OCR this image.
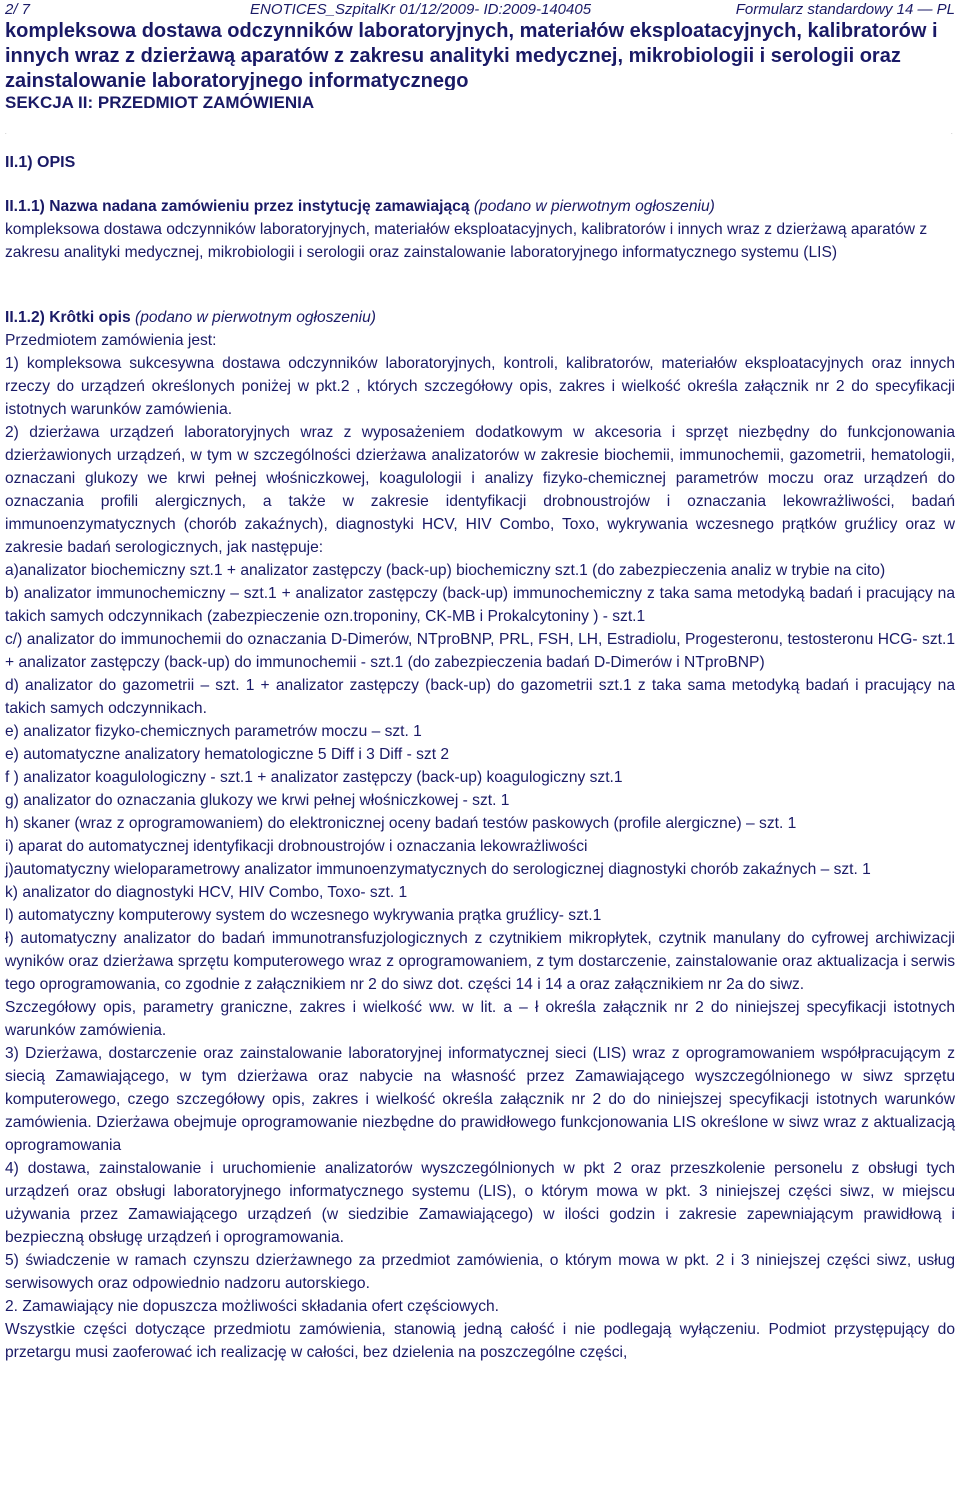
2/ 7	ENOTICES_SzpitalKr 01/12/2009- ID:2009-140405	Formularz standardowy 14 — PL
kompleksowa dostawa odczynników laboratoryjnych, materiałów eksploatacyjnych, kalibratorów i innych wraz z dzierżawą aparatów z zakresu analityki medycznej, mikrobiologii i serologii oraz zainstalowanie laboratoryjnego informatycznego
SEKCJA II: PRZEDMIOT ZAMÓWIENIA
.	.
II.1) OPIS

II.1.1) Nazwa nadana zamówieniu przez instytucję zamawiającą (podano w pierwotnym ogłoszeniu)

kompleksowa dostawa odczynników laboratoryjnych, materiałów eksploatacyjnych, kalibratorów i innych wraz z dzierżawą aparatów z zakresu analityki medycznej, mikrobiologii i serologii oraz zainstalowanie laboratoryjnego informatycznego systemu (LIS)

II.1.2) Krôtki opis (podano w pierwotnym ogłoszeniu)

Przedmiotem zamówienia jest:

1) kompleksowa sukcesywna dostawa odczynników laboratoryjnych, kontroli, kalibratorów, materiałów eksploatacyjnych oraz innych rzeczy do urządzeń określonych poniżej w pkt.2 , których szczegółowy opis, zakres i wielkość określa załącznik nr 2 do specyfikacji istotnych warunków zamówienia.

2) dzierżawa urządzeń laboratoryjnych wraz z wyposażeniem dodatkowym w akcesoria i sprzęt niezbędny do funkcjonowania dzierżawionych urządzeń, w tym w szczególności dzierżawa analizatorów w zakresie biochemii, immunochemii, gazometrii, hematologii, oznaczani glukozy we krwi pełnej włośniczkowej, koagulologii i analizy fizyko-chemicznej parametrów moczu oraz urządzeń do oznaczania profili alergicznych, a także w zakresie identyfikacji drobnoustrojów i oznaczania lekowrażliwości, badań immunoenzymatycznych (chorób zakaźnych), diagnostyki HCV, HIV Combo, Toxo, wykrywania wczesnego prątków gruźlicy oraz w zakresie badań serologicznych, jak następuje:

a)analizator biochemiczny szt.1 + analizator zastępczy (back-up) biochemiczny szt.1 (do zabezpieczenia analiz w trybie na cito)

b) analizator immunochemiczny – szt.1 + analizator zastępczy (back-up) immunochemiczny z taka sama metodyką badań i pracujący na takich samych odczynnikach (zabezpieczenie ozn.troponiny, CK-MB i Prokalcytoniny ) - szt.1

c/) analizator do immunochemii do oznaczania D-Dimerów, NTproBNP, PRL, FSH, LH, Estradiolu, Progesteronu, testosteronu HCG- szt.1 + analizator zastępczy (back-up) do immunochemii - szt.1 (do zabezpieczenia badań D-Dimerów i NTproBNP)

d) analizator do gazometrii – szt. 1 + analizator zastępczy (back-up) do gazometrii szt.1 z taka sama metodyką badań i pracujący na takich samych odczynnikach.

e) analizator fizyko-chemicznych parametrów moczu – szt. 1

e) automatyczne analizatory hematologiczne 5 Diff i 3 Diff - szt 2

f ) analizator koagulologiczny - szt.1 + analizator zastępczy (back-up) koagulogiczny szt.1

g) analizator do oznaczania glukozy we krwi pełnej włośniczkowej - szt. 1

h) skaner (wraz z oprogramowaniem) do elektronicznej oceny badań testów paskowych (profile alergiczne) – szt. 1

i) aparat do automatycznej identyfikacji drobnoustrojów i oznaczania lekowrażliwości

j)automatyczny wieloparametrowy analizator immunoenzymatycznych do serologicznej diagnostyki chorób zakaźnych – szt. 1

k) analizator do diagnostyki HCV, HIV Combo, Toxo- szt. 1

l) automatyczny komputerowy system do wczesnego wykrywania prątka gruźlicy- szt.1

ł) automatyczny analizator do badań immunotransfuzjologicznych z czytnikiem mikropłytek, czytnik manulany do cyfrowej archiwizacji wyników oraz dzierżawa sprzętu komputerowego wraz z oprogramowaniem, z tym dostarczenie, zainstalowanie oraz aktualizacja i serwis tego oprogramowania, co zgodnie z załącznikiem nr 2 do siwz dot. części 14 i 14 a oraz załącznikiem nr 2a do siwz.

Szczegółowy opis, parametry graniczne, zakres i wielkość ww. w lit. a – ł określa załącznik nr 2 do niniejszej specyfikacji istotnych warunków zamówienia.

3) Dzierżawa, dostarczenie oraz zainstalowanie laboratoryjnej informatycznej sieci (LIS) wraz z oprogramowaniem współpracującym z siecią Zamawiającego, w tym dzierżawa oraz nabycie na własność przez Zamawiającego wyszczególnionego w siwz sprzętu komputerowego, czego szczegółowy opis, zakres i wielkość określa załącznik nr 2 do do niniejszej specyfikacji istotnych warunków zamówienia. Dzierżawa obejmuje oprogramowanie niezbędne do prawidłowego funkcjonowania LIS określone w siwz wraz z aktualizacją oprogramowania

4) dostawa, zainstalowanie i uruchomienie analizatorów wyszczególnionych w pkt 2 oraz przeszkolenie personelu z obsługi tych urządzeń oraz obsługi laboratoryjnego informatycznego systemu (LIS), o którym mowa w pkt. 3 niniejszej części siwz, w miejscu używania przez Zamawiającego urządzeń (w siedzibie Zamawiającego) w ilości godzin i zakresie zapewniającym prawidłową i bezpieczną obsługę urządzeń i oprogramowania.

5) świadczenie w ramach czynszu dzierżawnego za przedmiot zamówienia, o którym mowa w pkt. 2 i 3 niniejszej części siwz, usług serwisowych oraz odpowiednio nadzoru autorskiego.

2. Zamawiający nie dopuszcza możliwości składania ofert częściowych.

Wszystkie części dotyczące przedmiotu zamówienia, stanowią jedną całość i nie podlegają wyłączeniu. Podmiot przystępujący do przetargu musi zaoferować ich realizację w całości, bez dzielenia na poszczególne części,
